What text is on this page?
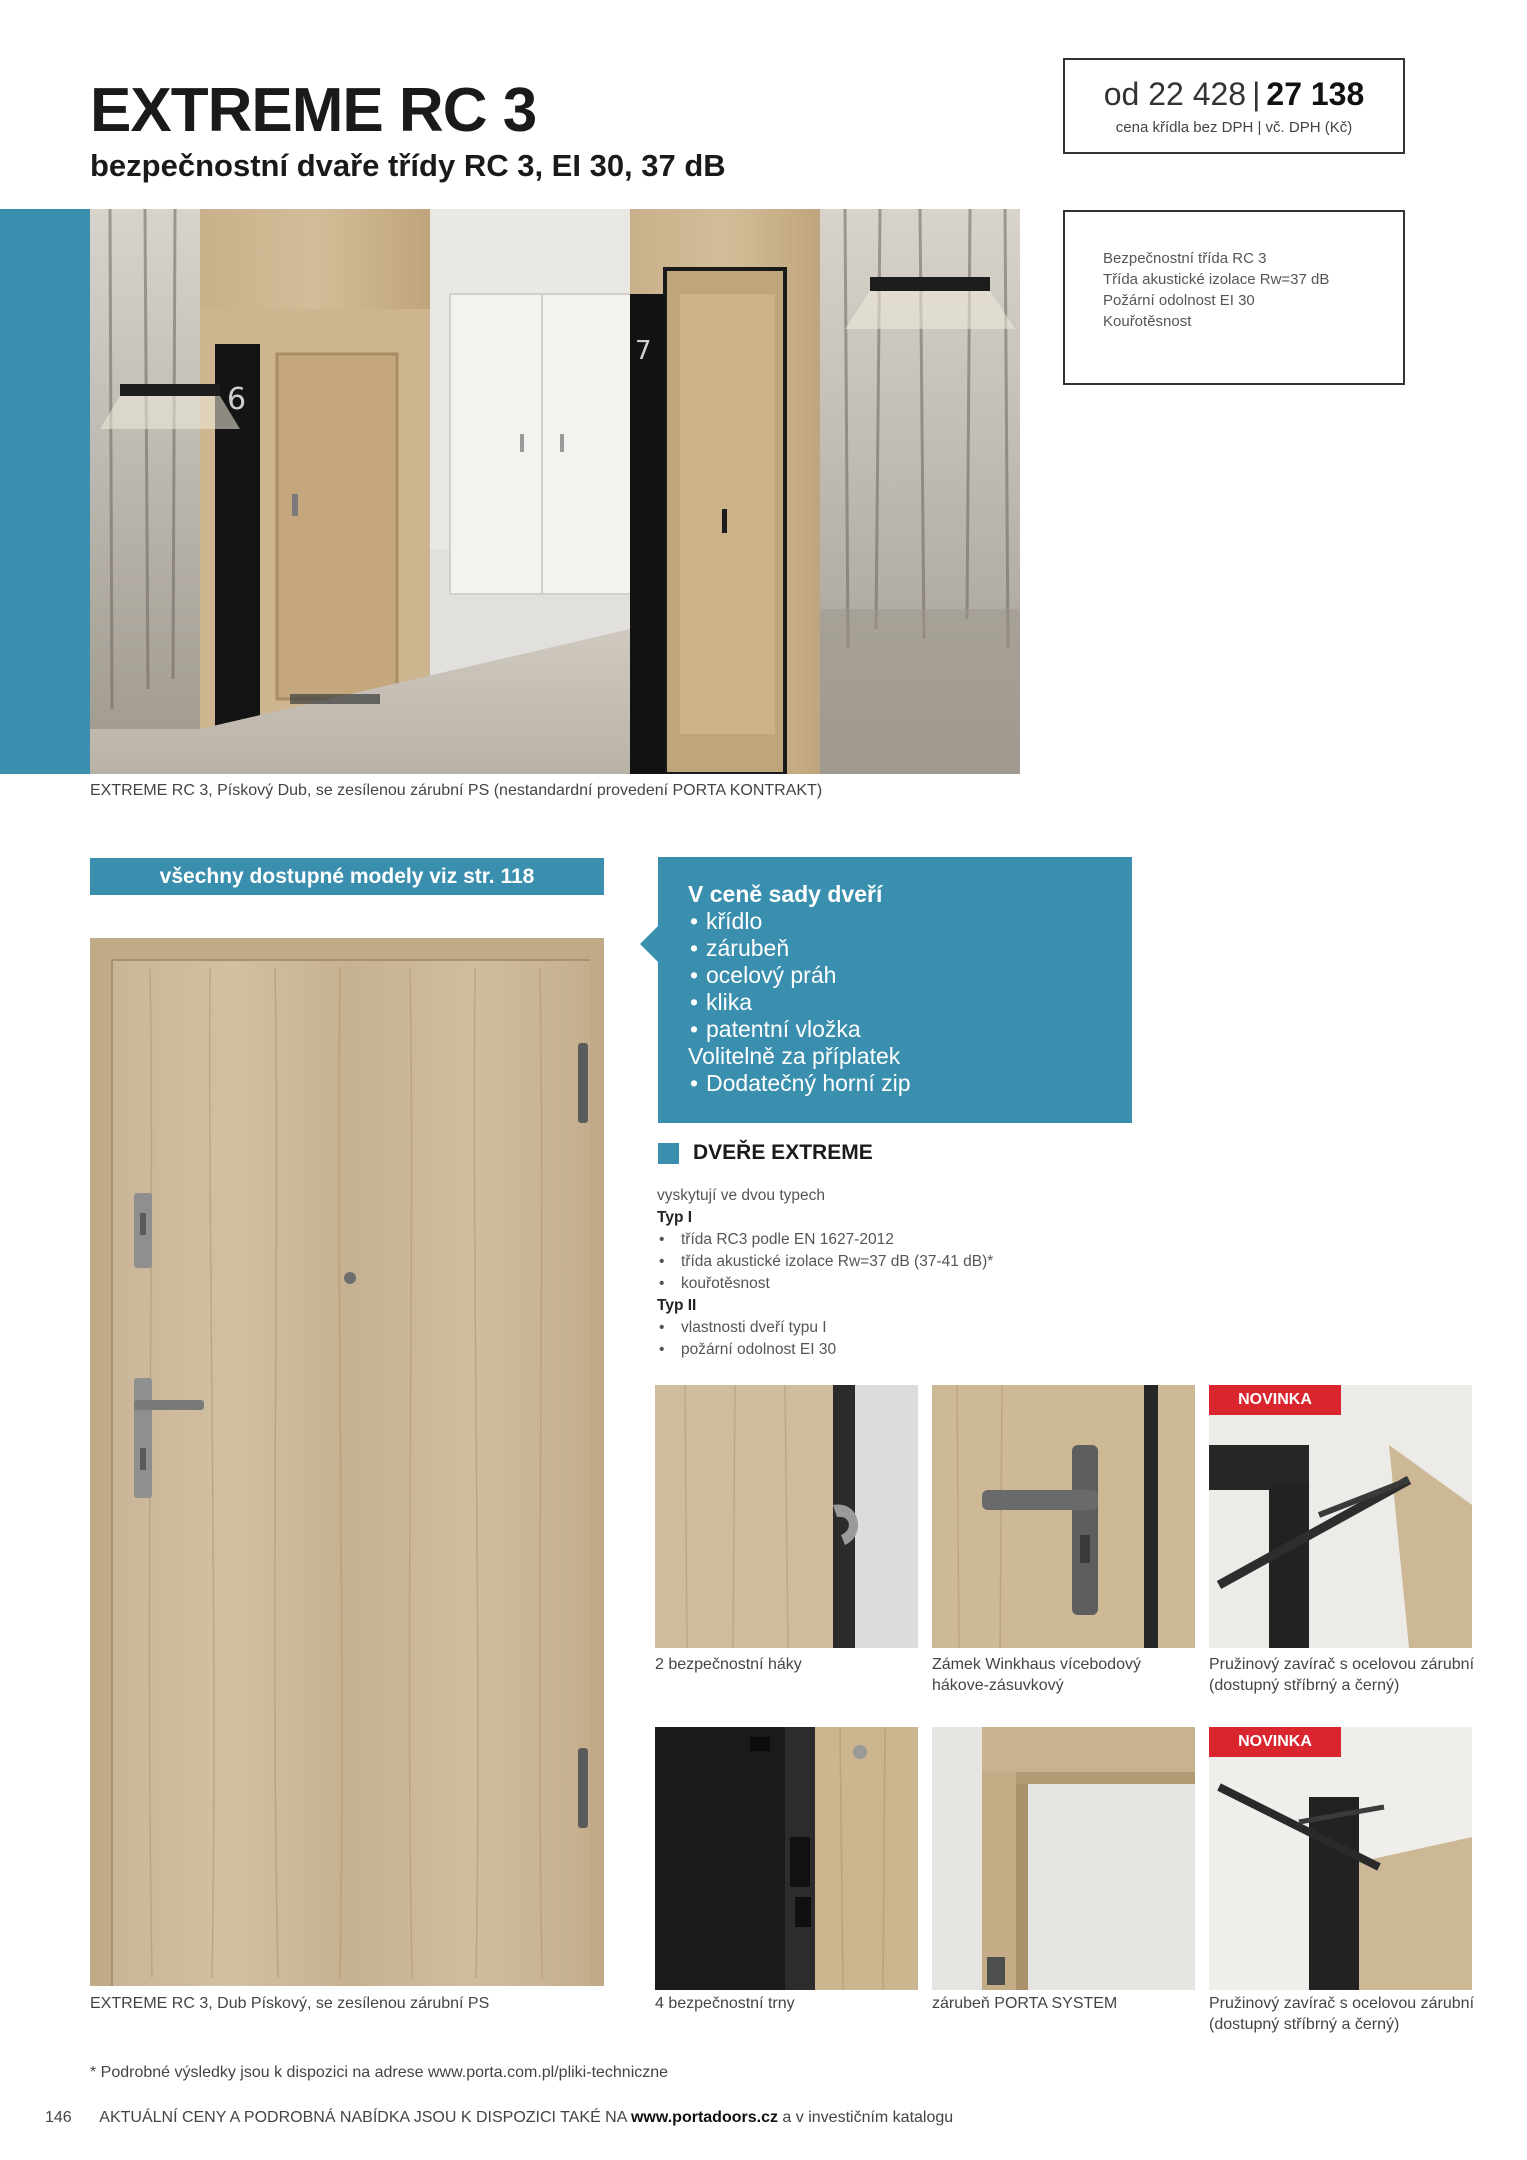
EXTREME RC 3
bezpečnostní dvaře třídy RC 3, EI 30, 37 dB
od 22 428 | 27 138
cena křídla bez DPH | vč. DPH (Kč)
6
7
Bezpečnostní třída RC 3
Třída akustické izolace Rw=37 dB
Požární odolnost EI 30
Kouřotěsnost
EXTREME RC 3, Pískový Dub, se zesílenou zárubní PS (nestandardní provedení PORTA KONTRAKT)
všechny dostupné modely viz str. 118
EXTREME RC 3, Dub Pískový, se zesílenou zárubní PS
V ceně sady dveří
• křídlo
• zárubeň
• ocelový práh
• klika
• patentní vložka
Volitelně za příplatek
• Dodatečný horní zip
DVEŘE EXTREME
vyskytují ve dvou typech
Typ I
• třída RC3 podle EN 1627-2012
• třída akustické izolace Rw=37 dB (37-41 dB)*
• kouřotěsnost
Typ II
• vlastnosti dveří typu I
• požární odolnost EI 30
NOVINKA
2 bezpečnostní háky	Zámek Winkhaus vícebodový hákove-zásuvkový
Pružinový zavírač s ocelovou zárubní (dostupný stříbrný a černý)
NOVINKA
4 bezpečnostní trny	zárubeň PORTA SYSTEM	Pružinový zavírač s ocelovou zárubní (dostupný stříbrný a černý)
* Podrobné výsledky jsou k dispozici na adrese www.porta.com.pl/pliki-techniczne
146 AKTUÁLNÍ CENY A PODROBNÁ NABÍDKA JSOU K DISPOZICI TAKÉ NA www.portadoors.cz a v investičním katalogu
